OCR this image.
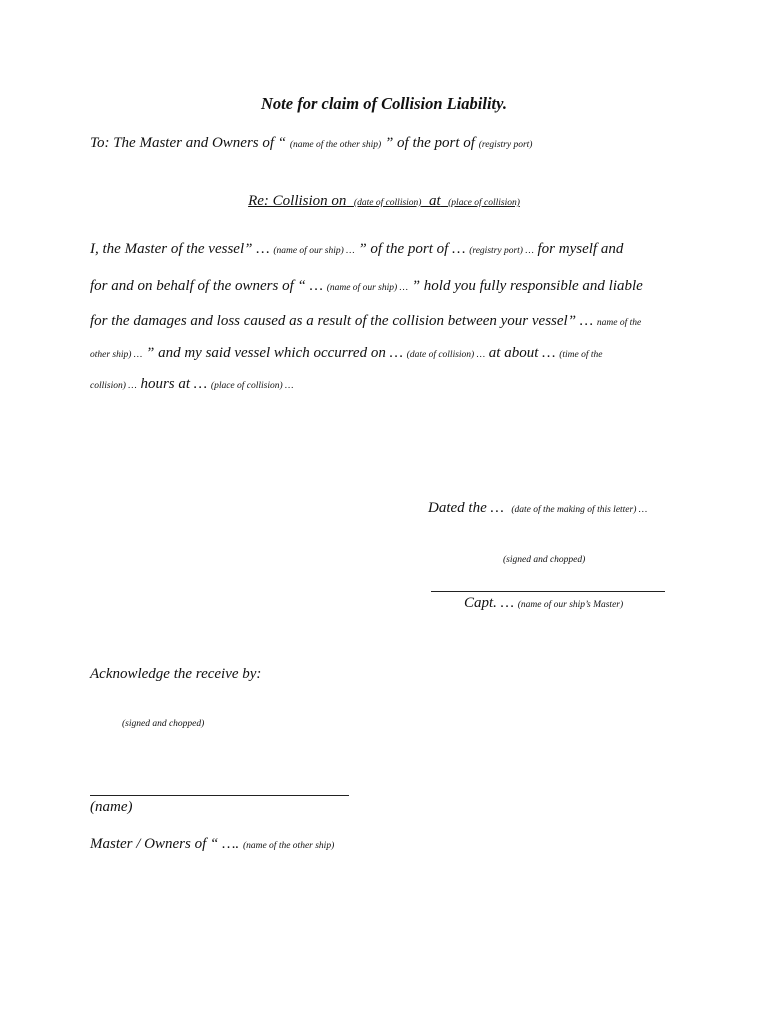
Note for claim of Collision Liability.
To: The Master and Owners of “ (name of the other ship) ” of the port of (registry port)
Re: Collision on (date of collision) at (place of collision)
I, the Master of the vessel” … (name of our ship) … ” of the port of … (registry port) … for myself and
for and on behalf of the owners of “ … (name of our ship) … ” hold you fully responsible and liable
for the damages and loss caused as a result of the collision between your vessel” … name of the
other ship) … ” and my said vessel which occurred on … (date of collision) … at about … (time of the
collision) … hours at … (place of collision) …
Dated the … (date of the making of this letter) …
(signed and chopped)
Capt. … (name of our ship’s Master)
Acknowledge the receive by:
(signed and chopped)
(name)
Master / Owners of “ …. (name of the other ship)
